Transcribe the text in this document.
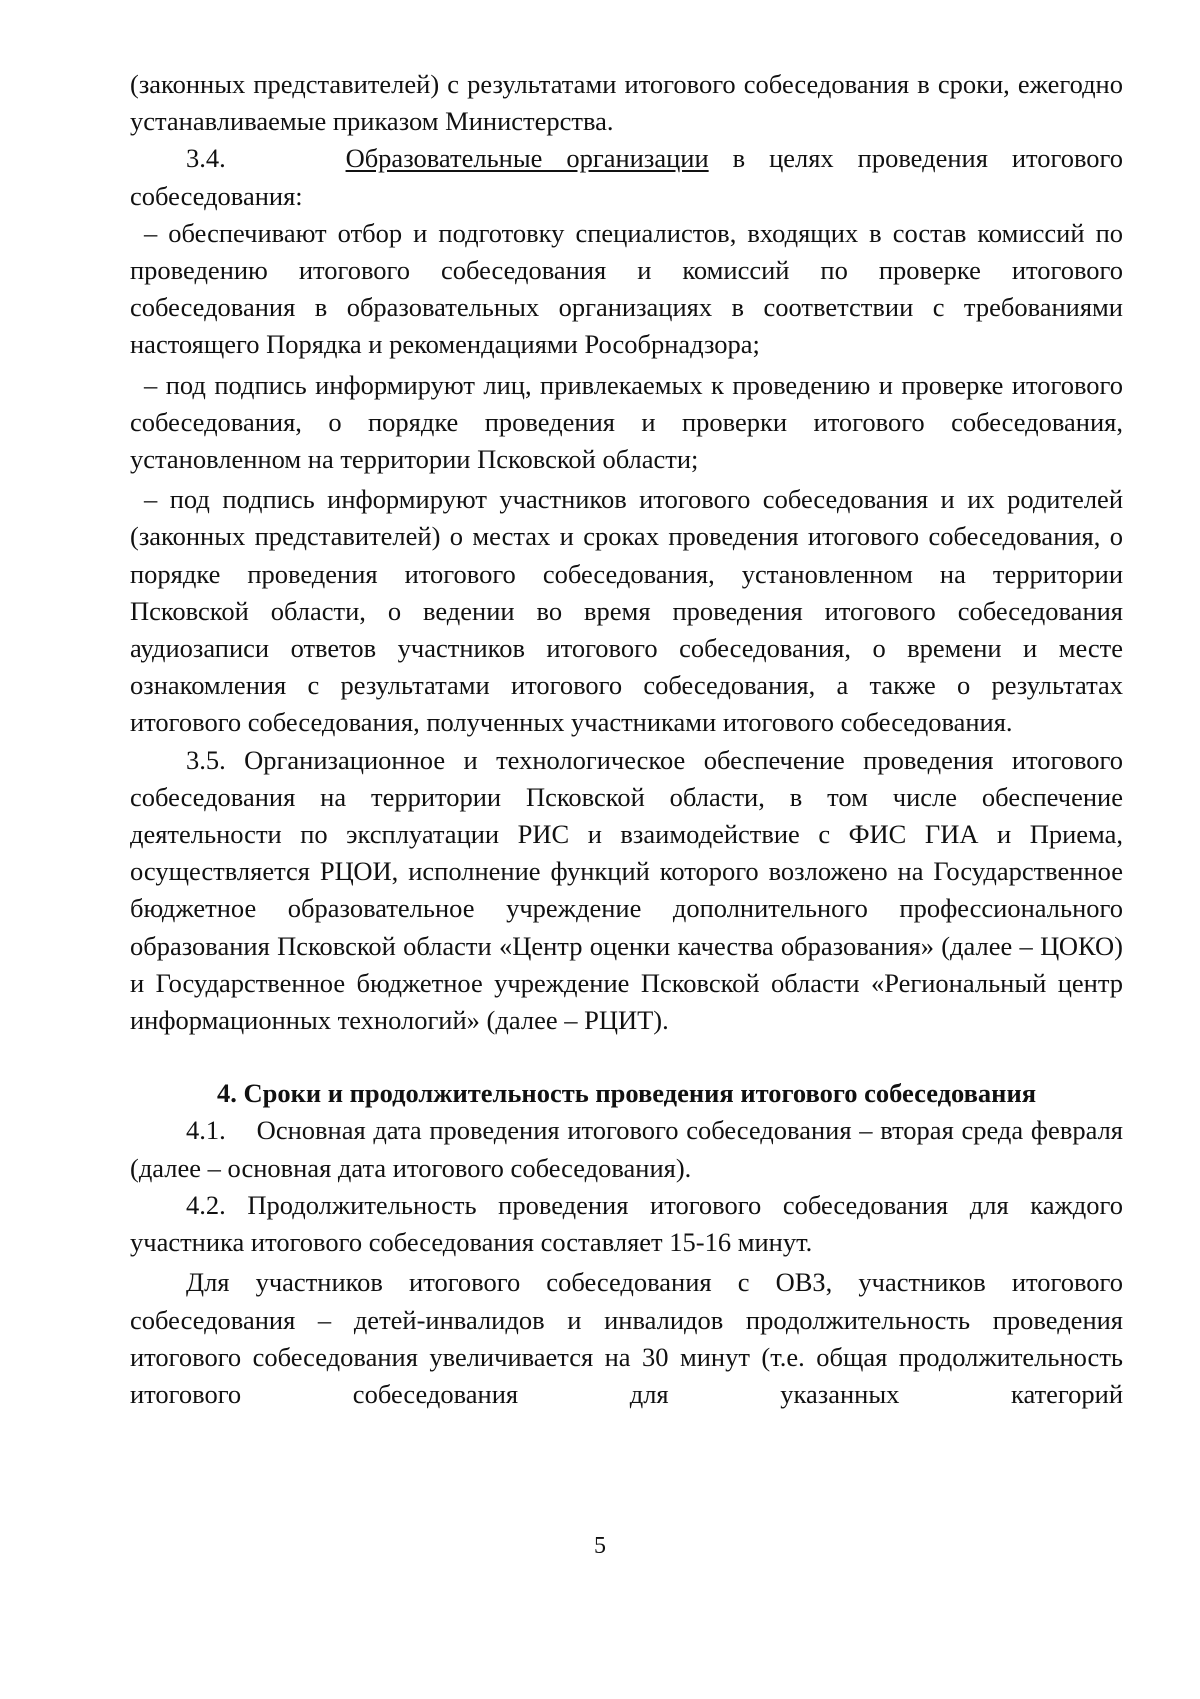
(законных представителей) с результатами итогового собеседования в сроки, ежегодно устанавливаемые приказом Министерства.

3.4.	Образовательные организации в целях проведения итогового собеседования:

– обеспечивают отбор и подготовку специалистов, входящих в состав комиссий по проведению итогового собеседования и комиссий по проверке итогового собеседования в образовательных организациях в соответствии с требованиями настоящего Порядка и рекомендациями Рособрнадзора;

– под подпись информируют лиц, привлекаемых к проведению и проверке итогового собеседования, о порядке проведения и проверки итогового собеседования, установленном на территории Псковской области;

– под подпись информируют участников итогового собеседования и их родителей (законных представителей) о местах и сроках проведения итогового собеседования, о порядке проведения итогового собеседования, установленном на территории Псковской области, о ведении во время проведения итогового собеседования аудиозаписи ответов участников итогового собеседования, о времени и месте ознакомления с результатами итогового собеседования, а также о результатах итогового собеседования, полученных участниками итогового собеседования.

3.5. Организационное и технологическое обеспечение проведения итогового собеседования на территории Псковской области, в том числе обеспечение деятельности по эксплуатации РИС и взаимодействие с ФИС ГИА и Приема, осуществляется РЦОИ, исполнение функций которого возложено на Государственное бюджетное образовательное учреждение дополнительного профессионального образования Псковской области «Центр оценки качества образования» (далее – ЦОКО) и Государственное бюджетное учреждение Псковской области «Региональный центр информационных технологий» (далее – РЦИТ).

4. Сроки и продолжительность проведения итогового собеседования

4.1.    Основная дата проведения итогового собеседования – вторая среда февраля (далее – основная дата итогового собеседования).

4.2. Продолжительность проведения итогового собеседования для каждого участника итогового собеседования составляет 15-16 минут.

Для участников итогового собеседования с ОВЗ, участников итогового собеседования – детей-инвалидов и инвалидов продолжительность проведения итогового собеседования увеличивается на 30 минут (т.е. общая продолжительность итогового собеседования для указанных категорий

5
